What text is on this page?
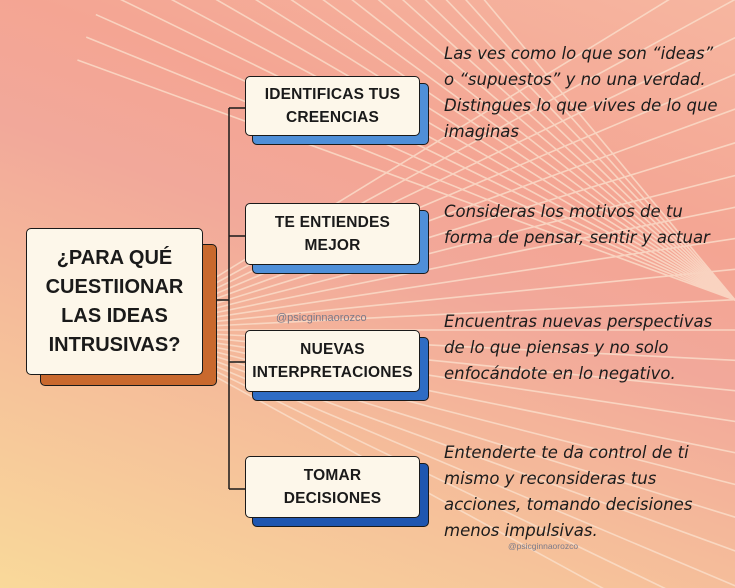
¿PARA QUÉ CUESTIIONAR LAS IDEAS INTRUSIVAS?
IDENTIFICAS TUS CREENCIAS
TE ENTIENDES MEJOR
NUEVAS INTERPRETACIONES
TOMAR DECISIONES
Las ves como lo que son “ideas” o “supuestos” y no una verdad. Distingues lo que vives de lo que imaginas
Consideras los motivos de tu forma de pensar, sentir y actuar
Encuentras nuevas perspectivas de lo que piensas y no solo enfocándote en lo negativo.
Entenderte te da control de ti mismo y reconsideras tus acciones, tomando decisiones menos impulsivas.
@psicginnaorozco
@psicginnaorozco
